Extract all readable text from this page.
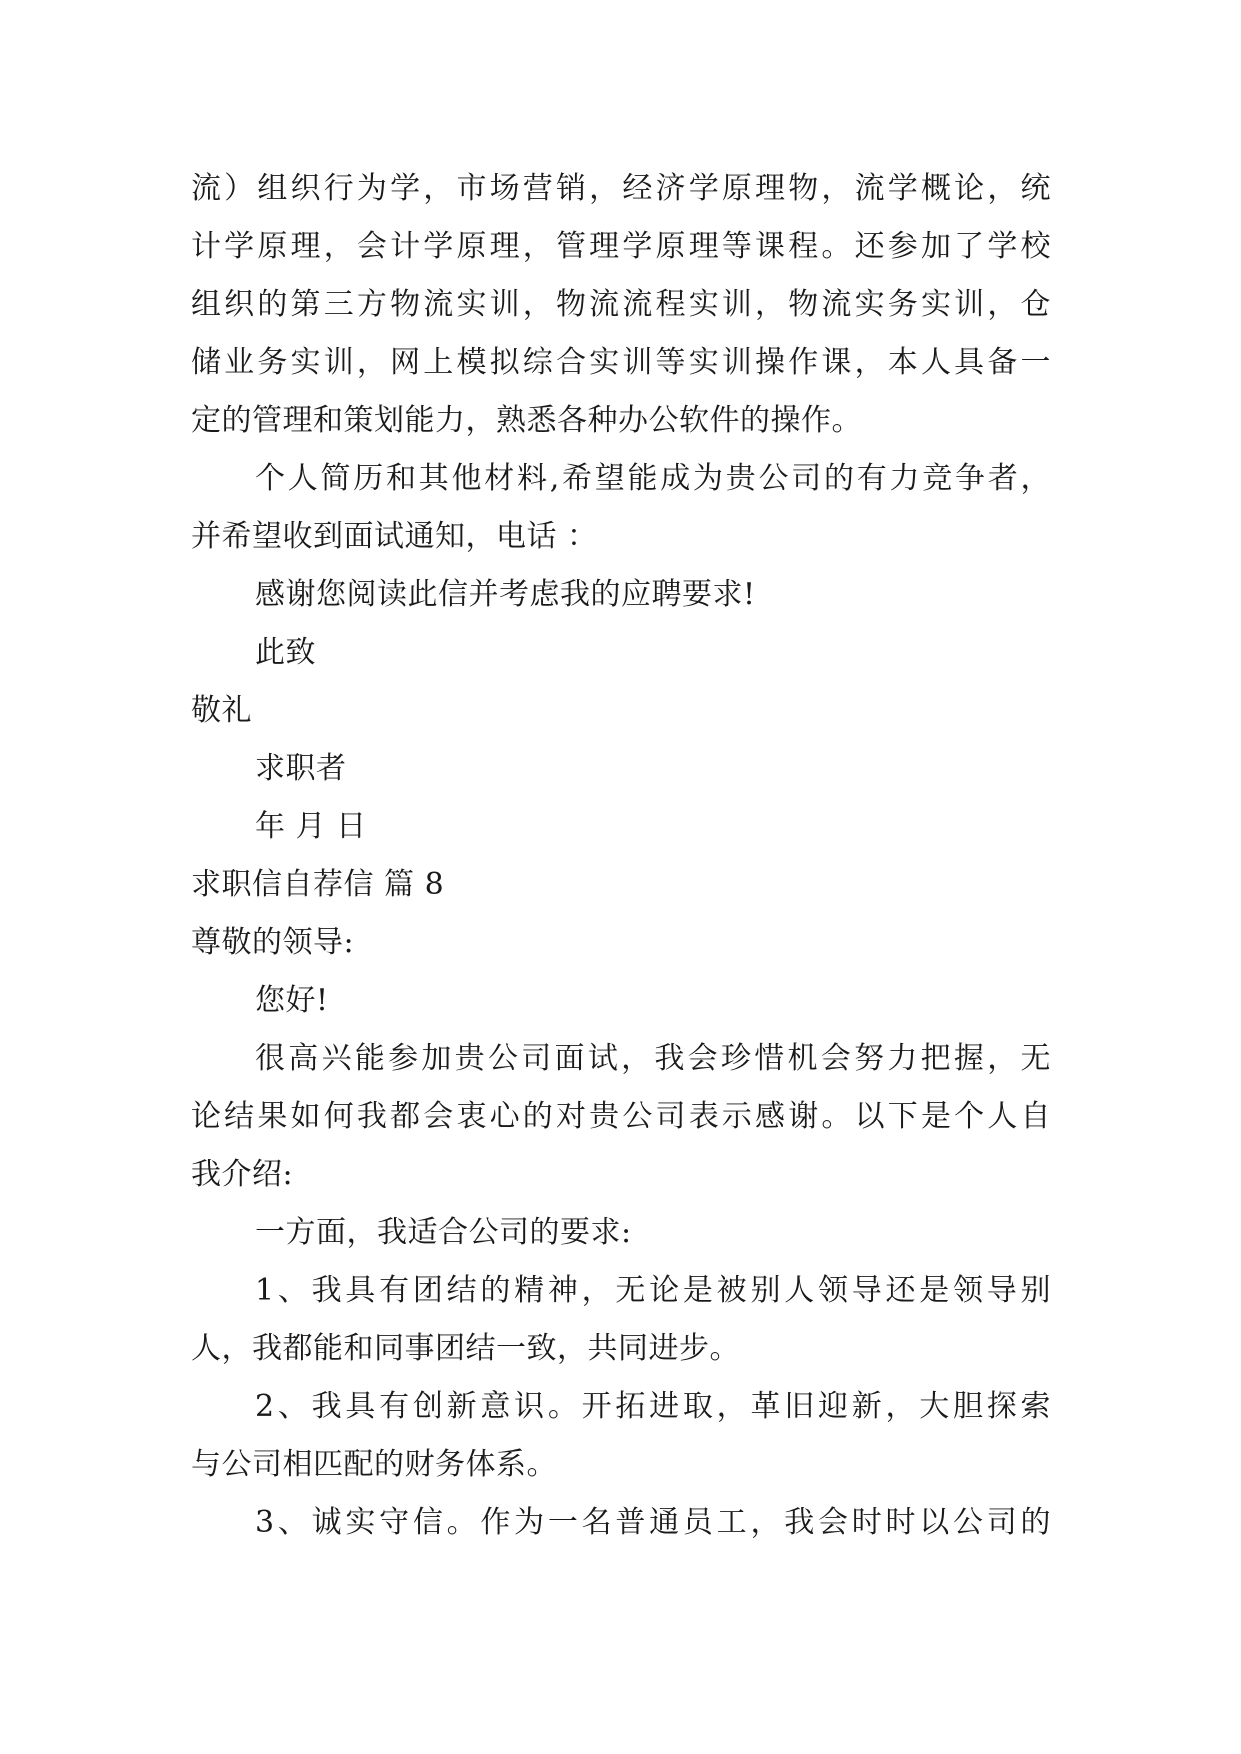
流）组织行为学，市场营销，经济学原理物，流学概论，统
计学原理，会计学原理，管理学原理等课程。还参加了学校
组织的第三方物流实训，物流流程实训，物流实务实训，仓
储业务实训，网上模拟综合实训等实训操作课，本人具备一
定的管理和策划能力，熟悉各种办公软件的操作。
个人简历和其他材料,希望能成为贵公司的有力竞争者，
并希望收到面试通知，电话 ：
感谢您阅读此信并考虑我的应聘要求!
此致
敬礼
求职者
年 月 日
求职信自荐信 篇 8
尊敬的领导:
您好!
很高兴能参加贵公司面试，我会珍惜机会努力把握，无
论结果如何我都会衷心的对贵公司表示感谢。以下是个人自
我介绍:
一方面，我适合公司的要求:
1、我具有团结的精神，无论是被别人领导还是领导别
人，我都能和同事团结一致，共同进步。
2、我具有创新意识。开拓进取，革旧迎新，大胆探索
与公司相匹配的财务体系。
3、诚实守信。作为一名普通员工，我会时时以公司的
